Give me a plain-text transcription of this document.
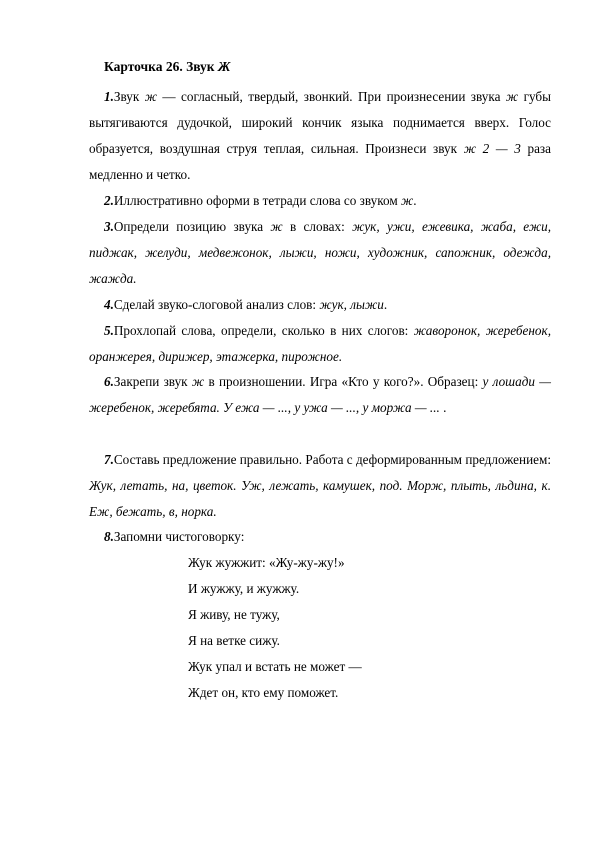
Карточка 26. Звук Ж
1.Звук ж — согласный, твердый, звонкий. При произнесении звука ж губы вытягиваются дудочкой, широкий кончик языка поднимается вверх. Голос образуется, воздушная струя теплая, сильная. Произнеси звук ж 2 — 3 раза медленно и четко.
2.Иллюстративно оформи в тетради слова со звуком ж.
3.Определи позицию звука ж в словах: жук, ужи, ежевика, жаба, ежи, пиджак, желуди, медвежонок, лыжи, ножи, художник, сапожник, одежда, жажда.
4.Сделай звуко-слоговой анализ слов: жук, лыжи.
5.Прохлопай слова, определи, сколько в них слогов: жаворонок, жеребенок, оранжерея, дирижер, этажерка, пирожное.
6.Закрепи звук ж в произношении. Игра «Кто у кого?». Образец: у лошади — жеребенок, жеребята. У ежа — ..., у ужа — ..., у моржа — ... .
7.Составь предложение правильно. Работа с деформированным предложением: Жук, летать, на, цветок. Уж, лежать, камушек, под. Морж, плыть, льдина, к. Еж, бежать, в, норка.
8.Запомни чистоговорку:
Жук жужжит: «Жу-жу-жу!»
И жужжу, и жужжу.
Я живу, не тужу,
Я на ветке сижу.
Жук упал и встать не может —
Ждет он, кто ему поможет.
